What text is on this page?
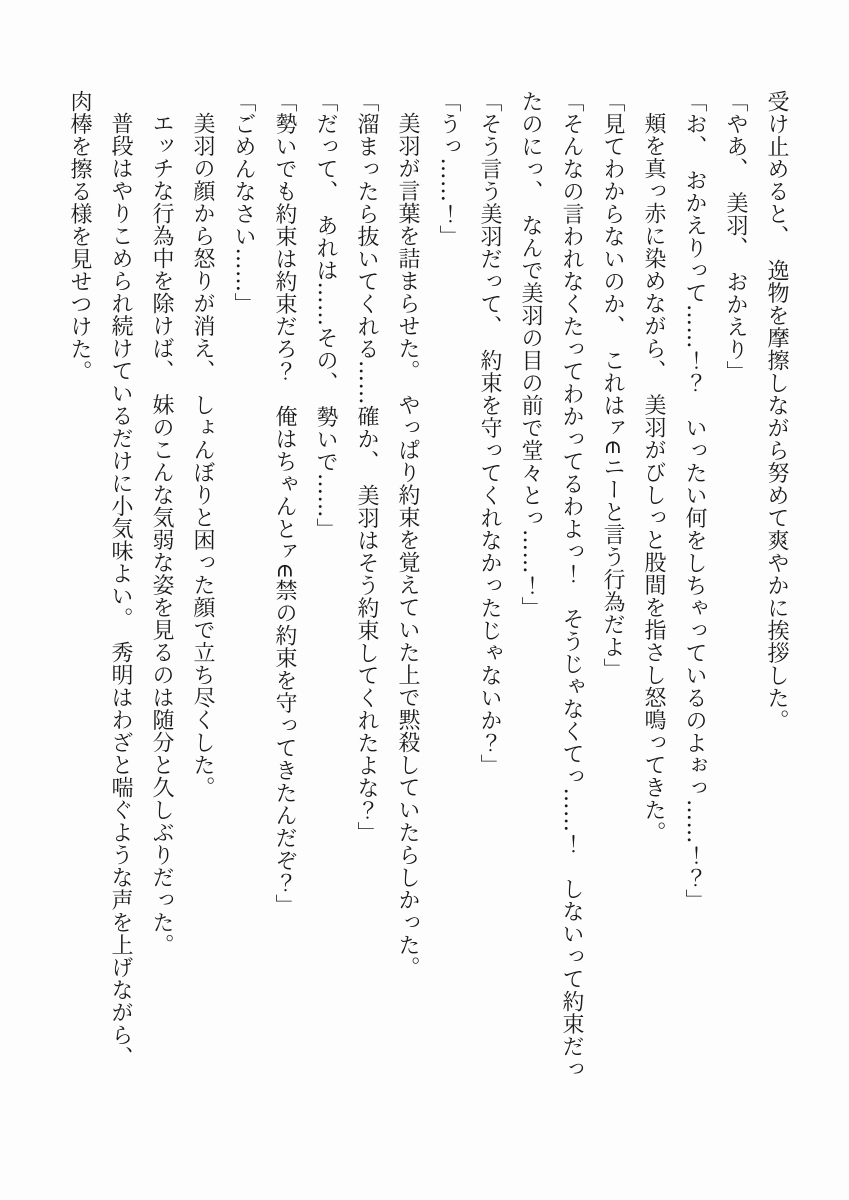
受け止めると、　逸物を摩擦しながら努めて爽やかに挨拶した。

「やあ、　美羽、　おかえり」

「お、　おかえりって……！？　いったい何をしちゃっているのよぉっ……！？」

頬を真っ赤に染めながら、　美羽がびしっと股間を指さし怒鳴ってきた。

「見てわからないのか、　これはァ∈ニーと言う行為だよ」

「そんなの言われなくたってわかってるわよっ！　そうじゃなくてっ……！　しないって約束だったのにっ、　なんで美羽の目の前で堂々とっ……！」

「そう言う美羽だって、　約束を守ってくれなかったじゃないか？」

「うっ……！」

美羽が言葉を詰まらせた。　やっぱり約束を覚えていた上で黙殺していたらしかった。

「溜まったら抜いてくれる……確か、　美羽はそう約束してくれたよな？」

「だって、　あれは……その、　勢いで……」

「勢いでも約束は約束だろ？　俺はちゃんとァ∈禁の約束を守ってきたんだぞ？」

「ごめんなさい……」

美羽の顔から怒りが消え、　しょんぼりと困った顔で立ち尽くした。

エッチな行為中を除けば、　妹のこんな気弱な姿を見るのは随分と久しぶりだった。

普段はやりこめられ続けているだけに小気味よい。　秀明はわざと喘ぐような声を上げながら、　肉棒を擦る様を見せつけた。
